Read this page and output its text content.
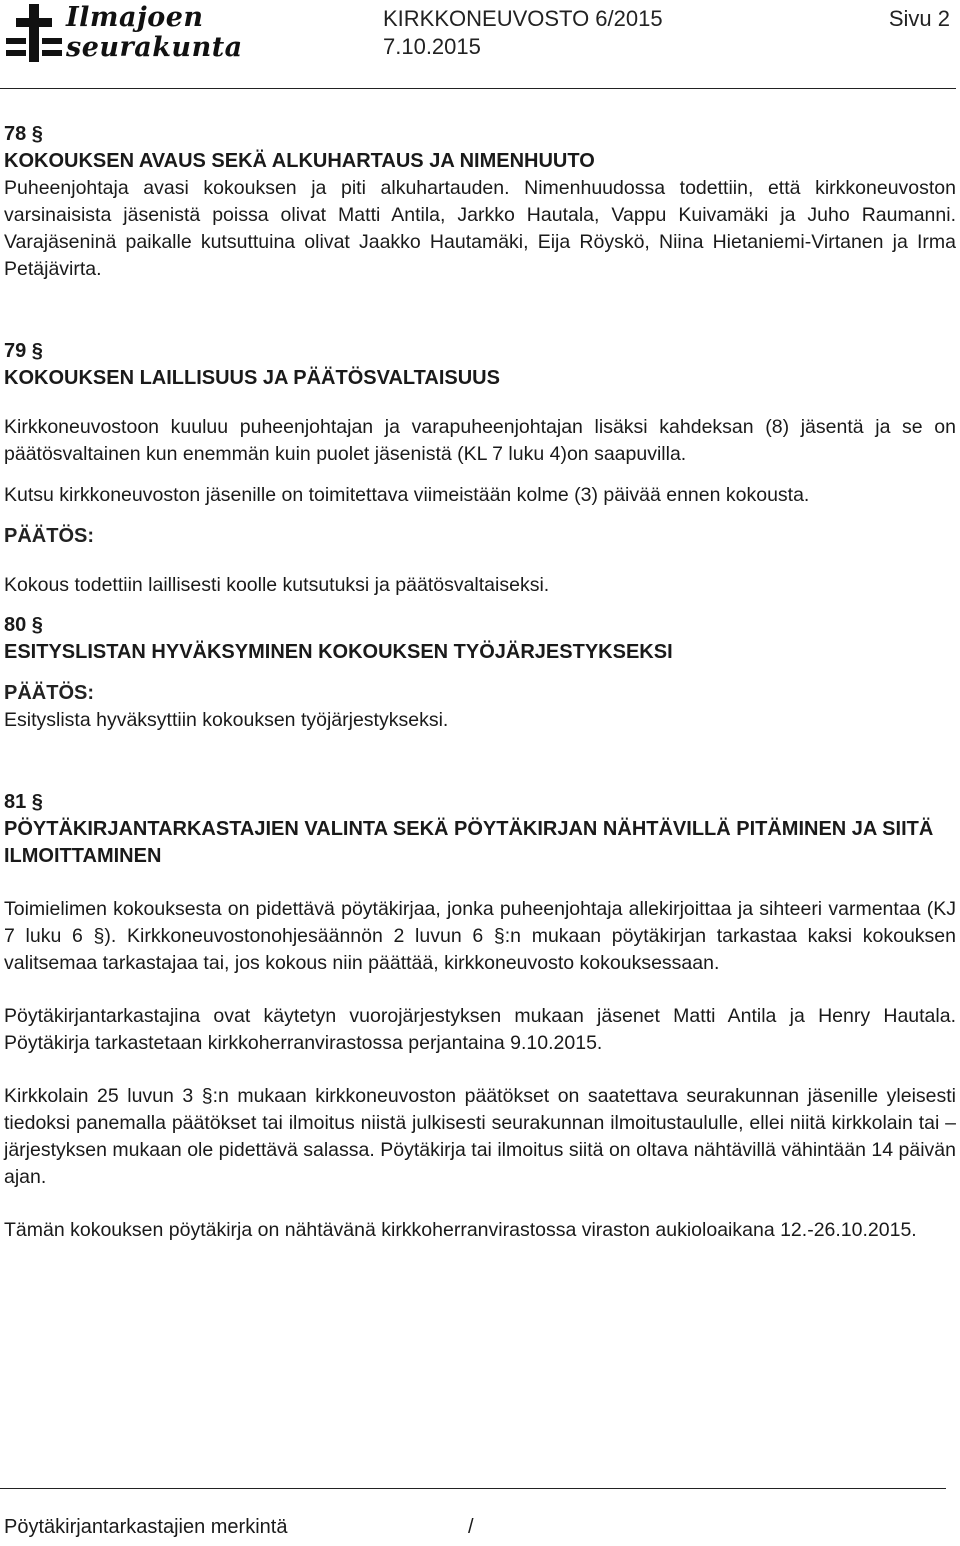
Ilmajoen
seurakunta
KIRKKONEUVOSTO 6/2015
7.10.2015
Sivu 2
78 §
KOKOUKSEN AVAUS SEKÄ ALKUHARTAUS JA NIMENHUUTO

Puheenjohtaja avasi kokouksen ja piti alkuhartauden. Nimenhuudossa todettiin, että kirkkoneuvoston varsinaisista jäsenistä poissa olivat Matti Antila, Jarkko Hautala, Vappu Kuivamäki ja Juho Raumanni. Varajäseninä paikalle kutsuttuina olivat Jaakko Hautamäki, Eija Röyskö, Niina Hietaniemi-Virtanen ja Irma Petäjävirta.

79 §
KOKOUKSEN LAILLISUUS JA PÄÄTÖSVALTAISUUS

Kirkkoneuvostoon kuuluu puheenjohtajan ja varapuheenjohtajan lisäksi kahdeksan (8) jäsentä ja se on päätösvaltainen kun enemmän kuin puolet jäsenistä (KL 7 luku 4)on saapuvilla.

Kutsu kirkkoneuvoston jäsenille on toimitettava viimeistään kolme (3) päivää ennen kokousta.

PÄÄTÖS:

Kokous todettiin laillisesti koolle kutsutuksi ja päätösvaltaiseksi.

80 §
ESITYSLISTAN HYVÄKSYMINEN KOKOUKSEN TYÖJÄRJESTYKSEKSI
PÄÄTÖS:

Esityslista hyväksyttiin kokouksen työjärjestykseksi.

81 §
PÖYTÄKIRJANTARKASTAJIEN VALINTA SEKÄ PÖYTÄKIRJAN NÄHTÄVILLÄ PITÄMINEN JA SIITÄ ILMOITTAMINEN

Toimielimen kokouksesta on pidettävä pöytäkirjaa, jonka puheenjohtaja allekirjoittaa ja sihteeri varmentaa (KJ 7 luku 6 §). Kirkkoneuvostonohjesäännön 2 luvun 6 §:n mukaan pöytäkirjan tarkastaa kaksi kokouksen valitsemaa tarkastajaa tai, jos kokous niin päättää, kirkkoneuvosto kokouksessaan.

Pöytäkirjantarkastajina ovat käytetyn vuorojärjestyksen mukaan jäsenet Matti Antila ja Henry Hautala. Pöytäkirja tarkastetaan kirkkoherranvirastossa perjantaina 9.10.2015.

Kirkkolain 25 luvun 3 §:n mukaan kirkkoneuvoston päätökset on saatettava seurakunnan jäsenille yleisesti tiedoksi panemalla päätökset tai ilmoitus niistä julkisesti seurakunnan ilmoitustaululle, ellei niitä kirkkolain tai – järjestyksen mukaan ole pidettävä salassa. Pöytäkirja tai ilmoitus siitä on oltava nähtävillä vähintään 14 päivän ajan.

Tämän kokouksen pöytäkirja on nähtävänä kirkkoherranvirastossa viraston aukioloaikana 12.-26.10.2015.

Pöytäkirjantarkastajien merkintä	/
